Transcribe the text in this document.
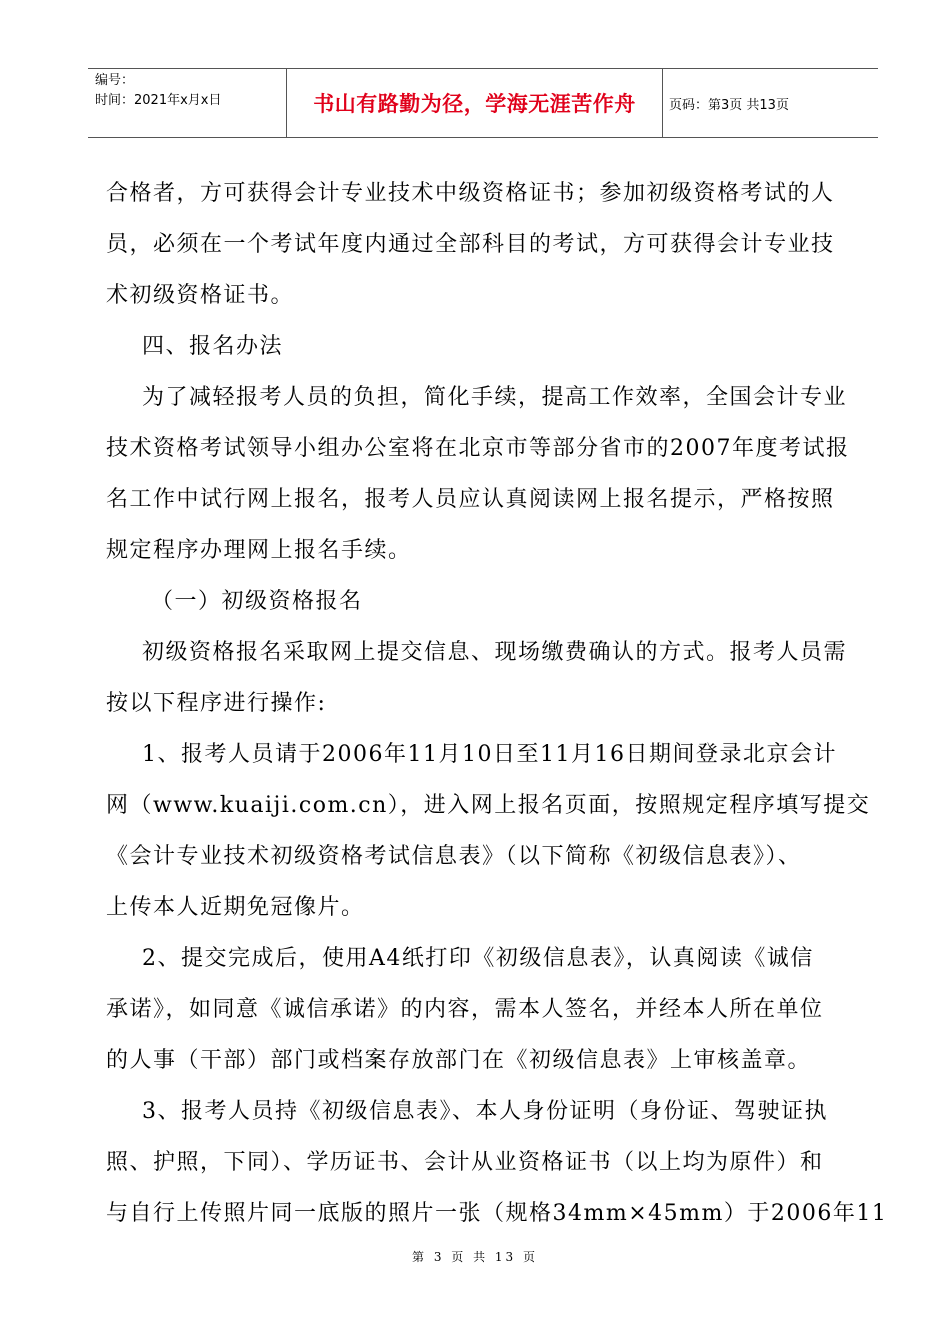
编号：
时间：2021年x月x日	书山有路勤为径，学海无涯苦作舟	页码：第3页 共13页

合格者，方可获得会计专业技术中级资格证书；参加初级资格考试的人
员，必须在一个考试年度内通过全部科目的考试，方可获得会计专业技
术初级资格证书。

四、报名办法

为了减轻报考人员的负担，简化手续，提高工作效率，全国会计专业
技术资格考试领导小组办公室将在北京市等部分省市的2007年度考试报
名工作中试行网上报名，报考人员应认真阅读网上报名提示，严格按照
规定程序办理网上报名手续。

（一）初级资格报名

初级资格报名采取网上提交信息、现场缴费确认的方式。报考人员需
按以下程序进行操作:

1、报考人员请于2006年11月10日至11月16日期间登录北京会计
网（www.kuaiji.com.cn），进入网上报名页面，按照规定程序填写提交
《会计专业技术初级资格考试信息表》（以下简称《初级信息表》）、
上传本人近期免冠像片。

2、提交完成后，使用A4纸打印《初级信息表》，认真阅读《诚信
承诺》，如同意《诚信承诺》的内容，需本人签名，并经本人所在单位
的人事（干部）部门或档案存放部门在《初级信息表》上审核盖章。

3、报考人员持《初级信息表》、本人身份证明（身份证、驾驶证执
照、护照，下同）、学历证书、会计从业资格证书（以上均为原件）和
与自行上传照片同一底版的照片一张（规格34mm×45mm）于2006年11

第 3 页 共 13 页
